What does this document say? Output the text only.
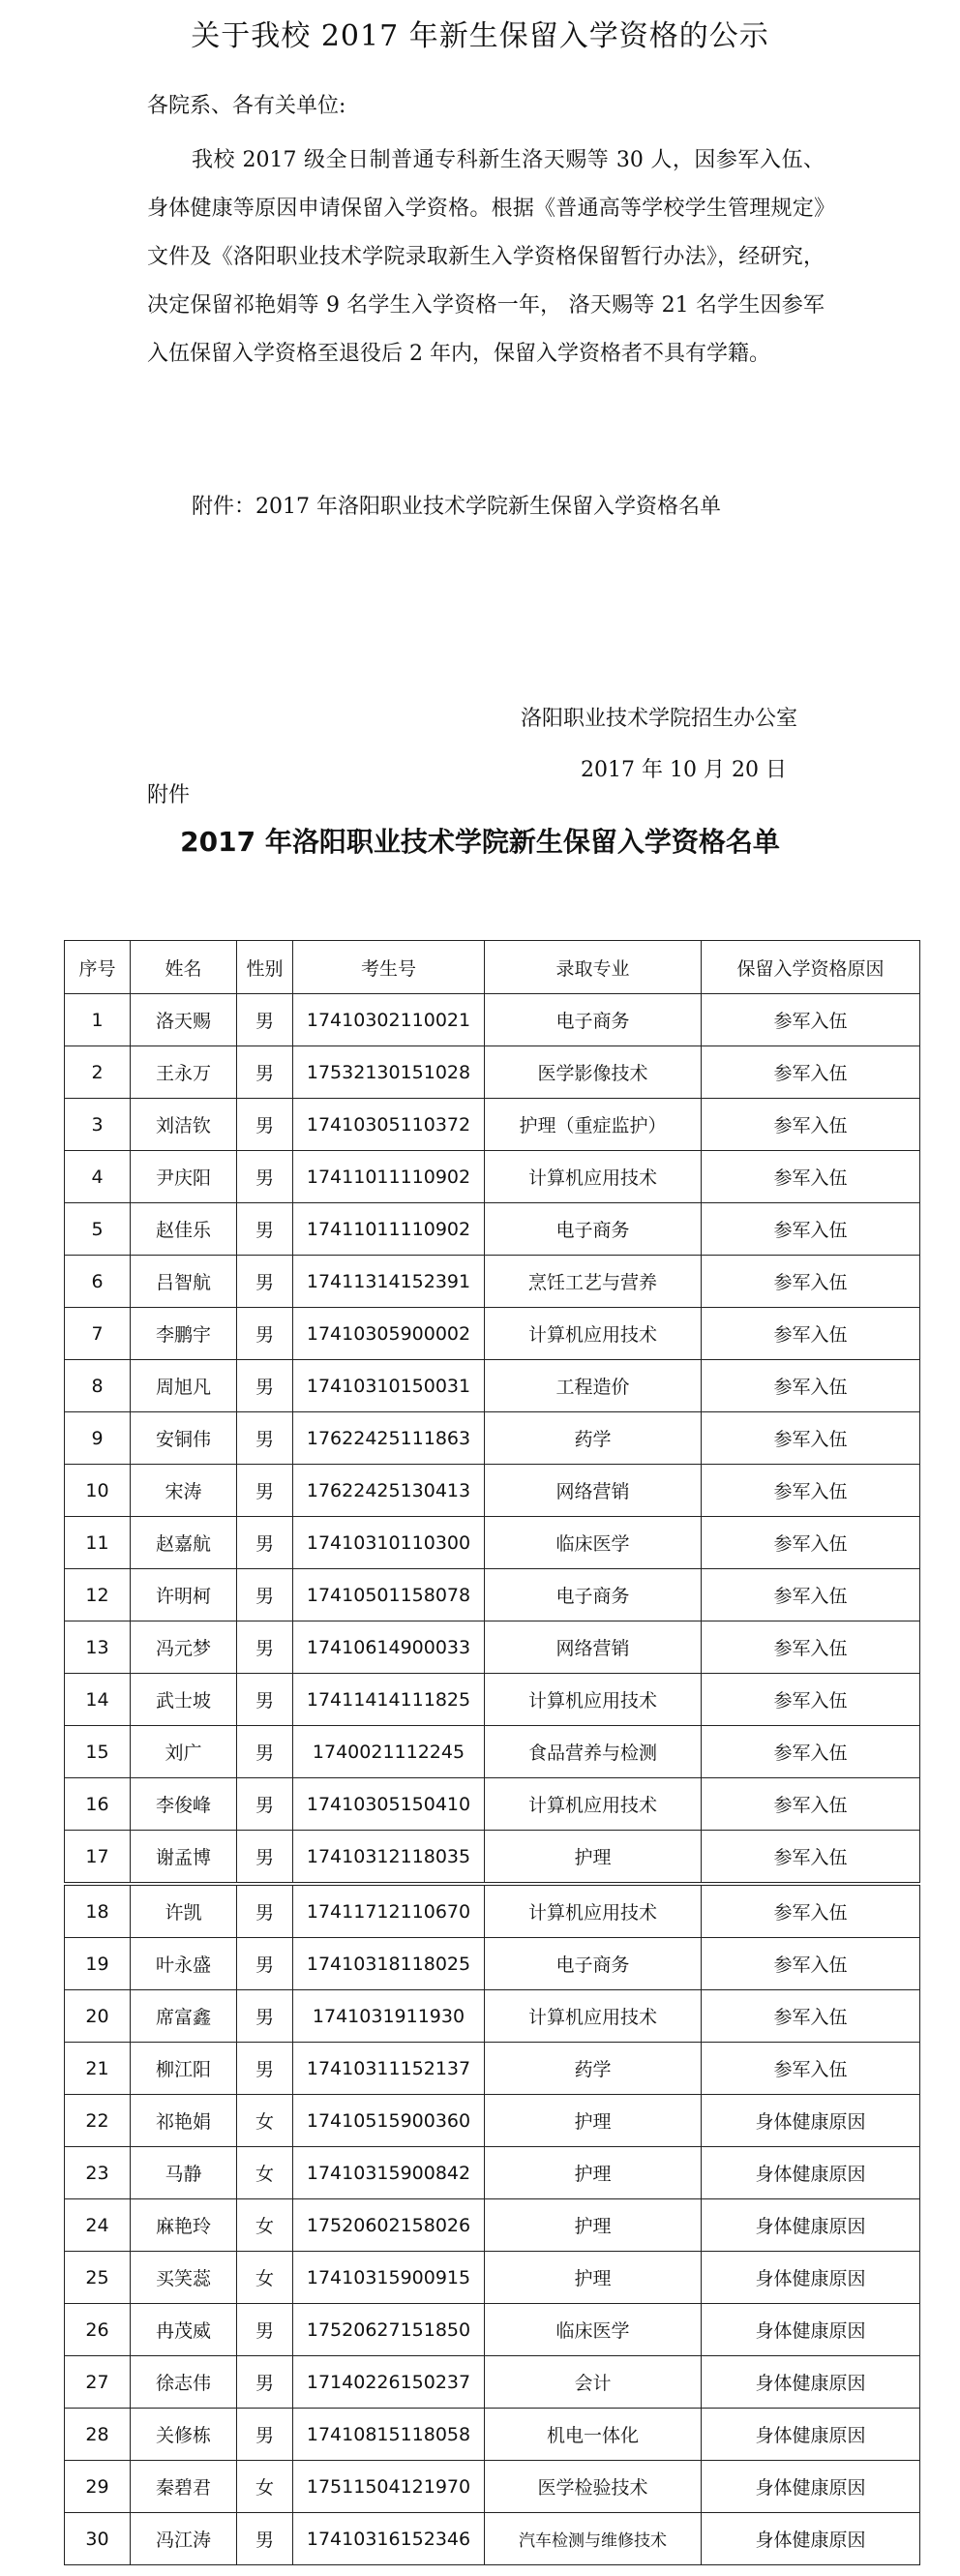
关于我校 2017 年新生保留入学资格的公示
各院系、各有关单位:

我校 2017 级全日制普通专科新生洛天赐等 30 人，因参军入伍、身体健康等原因申请保留入学资格。根据《普通高等学校学生管理规定》文件及《洛阳职业技术学院录取新生入学资格保留暂行办法》，经研究，决定保留祁艳娟等 9 名学生入学资格一年， 洛天赐等 21 名学生因参军入伍保留入学资格至退役后 2 年内，保留入学资格者不具有学籍。

附件：2017 年洛阳职业技术学院新生保留入学资格名单
洛阳职业技术学院招生办公室
2017 年 10 月 20 日
附件
2017 年洛阳职业技术学院新生保留入学资格名单
序号	姓名	性别	考生号	录取专业	保留入学资格原因
1	洛天赐	男	17410302110021	电子商务	参军入伍
2	王永万	男	17532130151028	医学影像技术	参军入伍
3	刘洁钦	男	17410305110372	护理（重症监护）	参军入伍
4	尹庆阳	男	17411011110902	计算机应用技术	参军入伍
5	赵佳乐	男	17411011110902	电子商务	参军入伍
6	吕智航	男	17411314152391	烹饪工艺与营养	参军入伍
7	李鹏宇	男	17410305900002	计算机应用技术	参军入伍
8	周旭凡	男	17410310150031	工程造价	参军入伍
9	安铜伟	男	17622425111863	药学	参军入伍
10	宋涛	男	17622425130413	网络营销	参军入伍
11	赵嘉航	男	17410310110300	临床医学	参军入伍
12	许明柯	男	17410501158078	电子商务	参军入伍
13	冯元梦	男	17410614900033	网络营销	参军入伍
14	武士坡	男	17411414111825	计算机应用技术	参军入伍
15	刘广	男	1740021112245	食品营养与检测	参军入伍
16	李俊峰	男	17410305150410	计算机应用技术	参军入伍
17	谢孟博	男	17410312118035	护理	参军入伍
18	许凯	男	17411712110670	计算机应用技术	参军入伍
19	叶永盛	男	17410318118025	电子商务	参军入伍
20	席富鑫	男	1741031911930	计算机应用技术	参军入伍
21	柳江阳	男	17410311152137	药学	参军入伍
22	祁艳娟	女	17410515900360	护理	身体健康原因
23	马静	女	17410315900842	护理	身体健康原因
24	麻艳玲	女	17520602158026	护理	身体健康原因
25	买笑蕊	女	17410315900915	护理	身体健康原因
26	冉茂威	男	17520627151850	临床医学	身体健康原因
27	徐志伟	男	17140226150237	会计	身体健康原因
28	关修栋	男	17410815118058	机电一体化	身体健康原因
29	秦碧君	女	17511504121970	医学检验技术	身体健康原因
30	冯江涛	男	17410316152346	汽车检测与维修技术	身体健康原因
